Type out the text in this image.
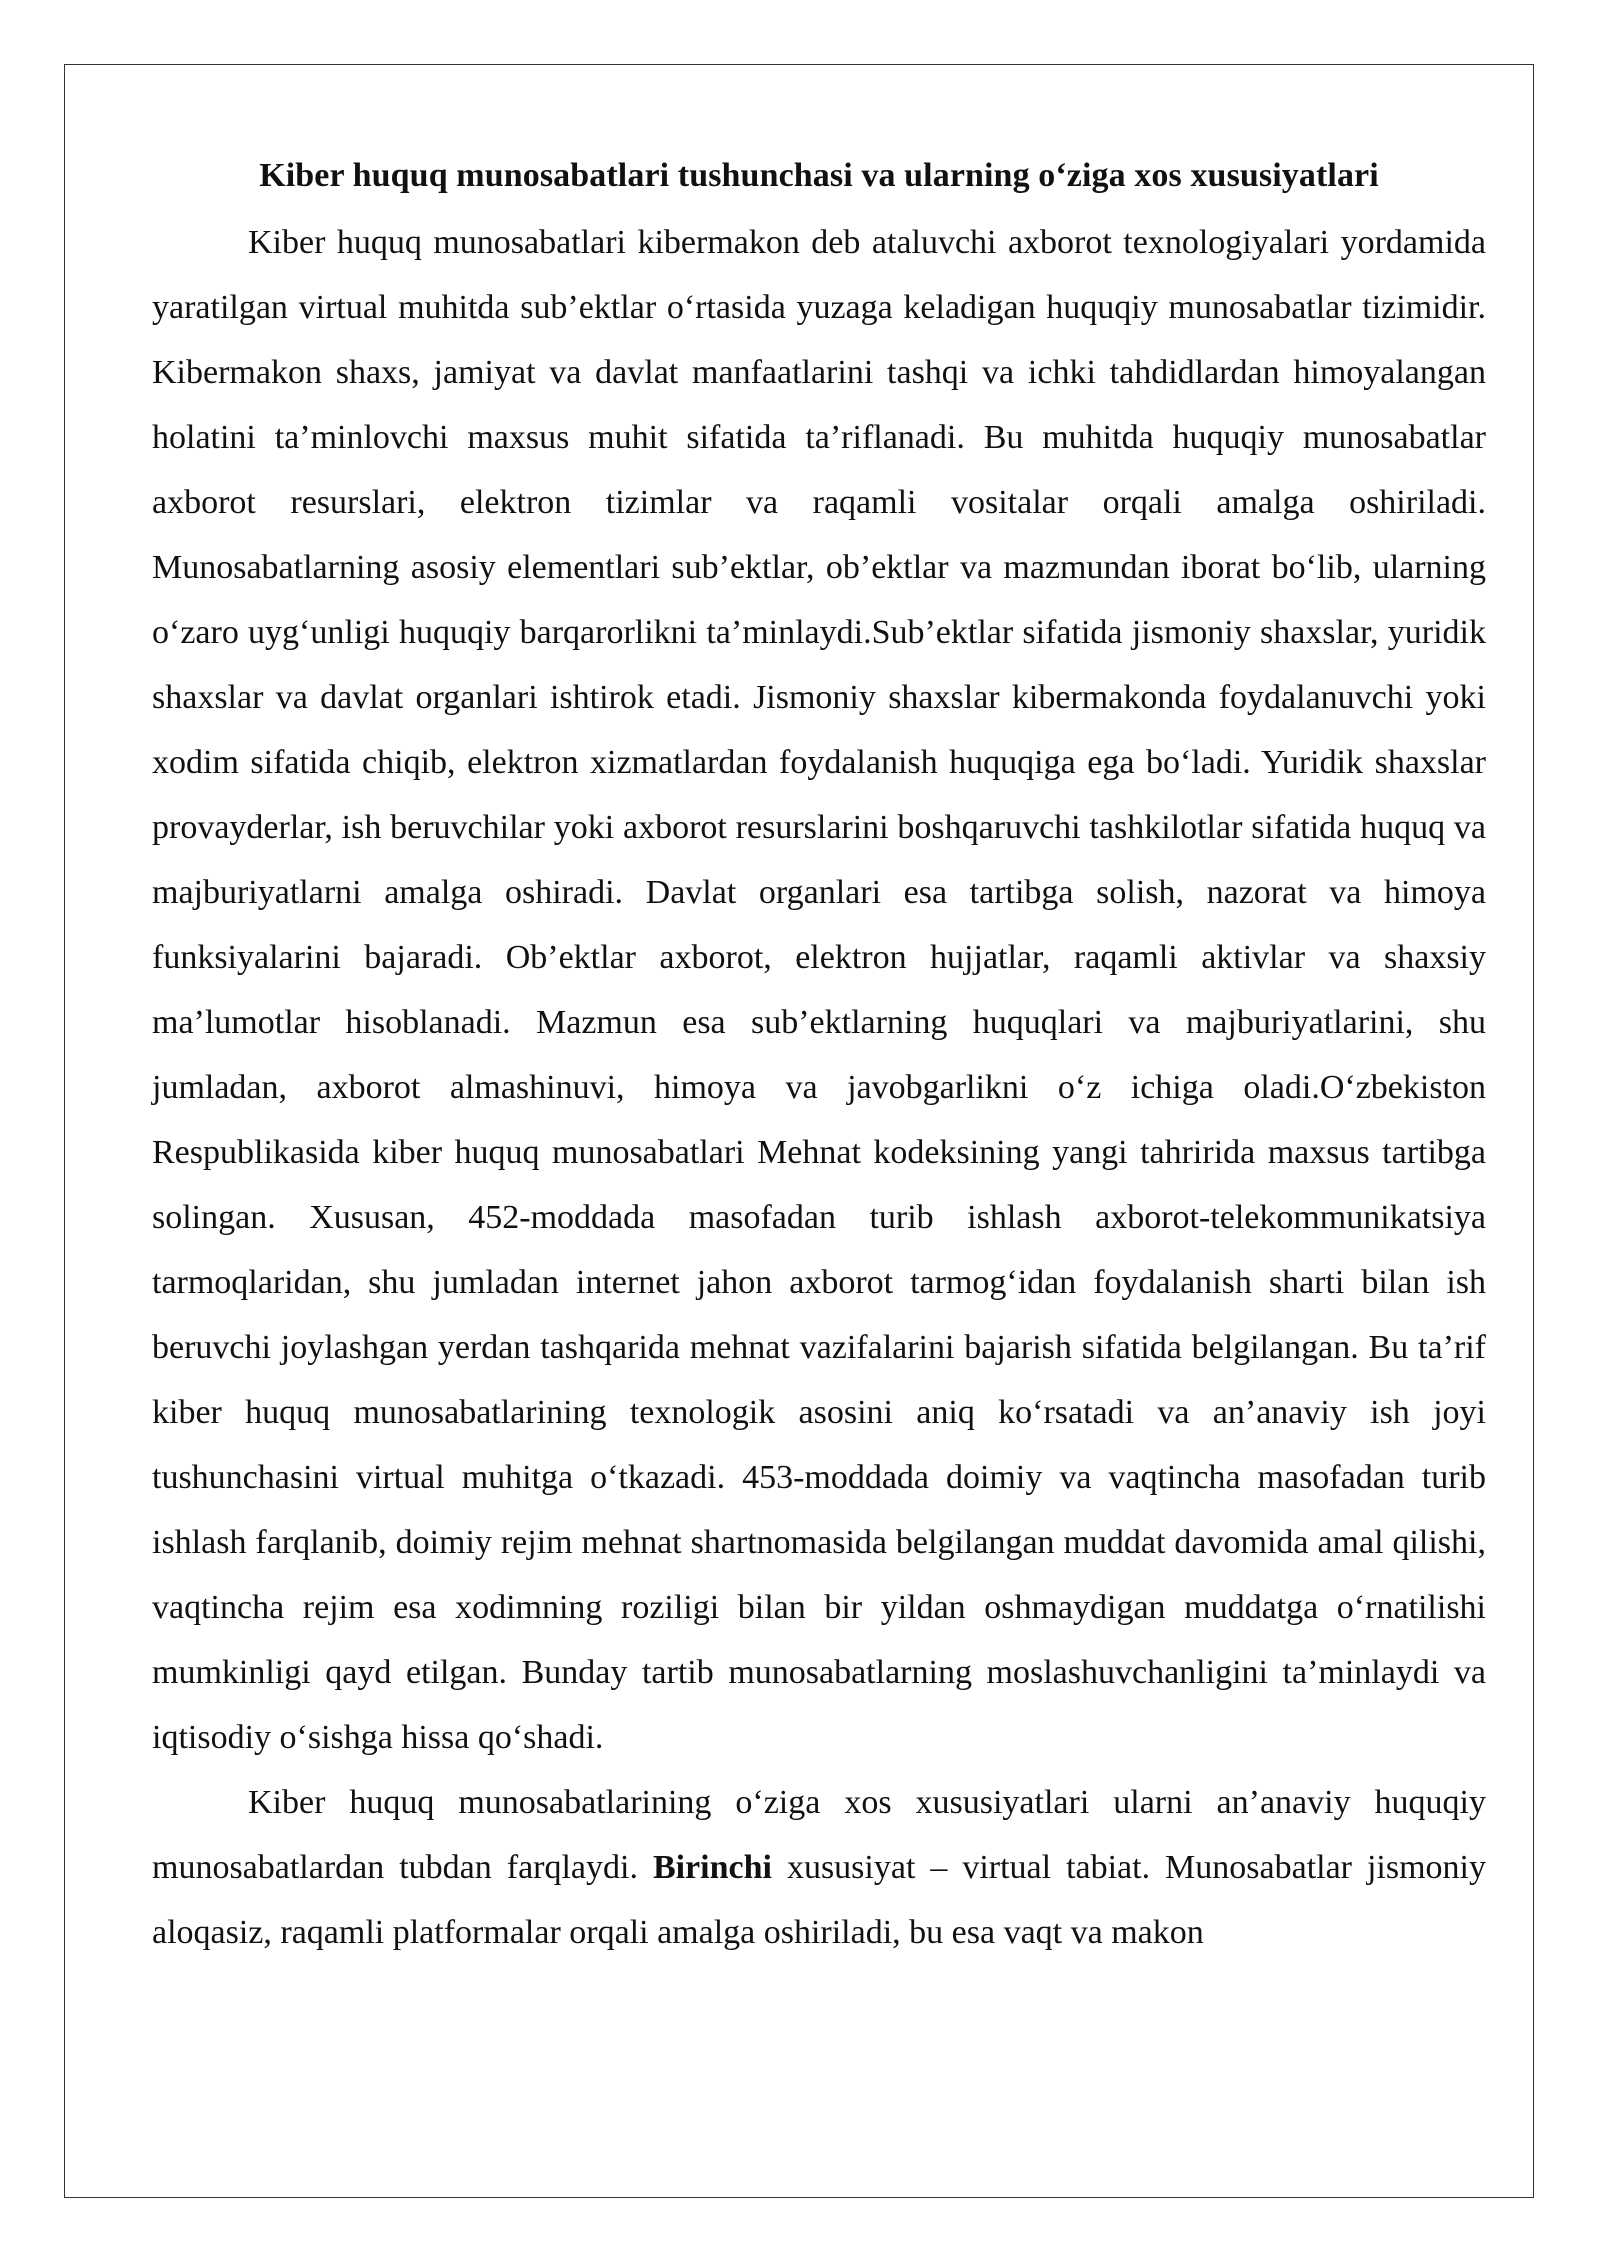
Kiber huquq munosabatlari tushunchasi va ularning o‘ziga xos xususiyatlari

Kiber huquq munosabatlari kibermakon deb ataluvchi axborot texnologiyalari yordamida yaratilgan virtual muhitda sub’ektlar o‘rtasida yuzaga keladigan huquqiy munosabatlar tizimidir. Kibermakon shaxs, jamiyat va davlat manfaatlarini tashqi va ichki tahdidlardan himoyalangan holatini ta’minlovchi maxsus muhit sifatida ta’riflanadi. Bu muhitda huquqiy munosabatlar axborot resurslari, elektron tizimlar va raqamli vositalar orqali amalga oshiriladi. Munosabatlarning asosiy elementlari sub’ektlar, ob’ektlar va mazmundan iborat bo‘lib, ularning o‘zaro uyg‘unligi huquqiy barqarorlikni ta’minlaydi.Sub’ektlar sifatida jismoniy shaxslar, yuridik shaxslar va davlat organlari ishtirok etadi. Jismoniy shaxslar kibermakonda foydalanuvchi yoki xodim sifatida chiqib, elektron xizmatlardan foydalanish huquqiga ega bo‘ladi. Yuridik shaxslar provayderlar, ish beruvchilar yoki axborot resurslarini boshqaruvchi tashkilotlar sifatida huquq va majburiyatlarni amalga oshiradi. Davlat organlari esa tartibga solish, nazorat va himoya funksiyalarini bajaradi. Ob’ektlar axborot, elektron hujjatlar, raqamli aktivlar va shaxsiy ma’lumotlar hisoblanadi. Mazmun esa sub’ektlarning huquqlari va majburiyatlarini, shu jumladan, axborot almashinuvi, himoya va javobgarlikni o‘z ichiga oladi.O‘zbekiston Respublikasida kiber huquq munosabatlari Mehnat kodeksining yangi tahririda maxsus tartibga solingan. Xususan, 452-moddada masofadan turib ishlash axborot-telekommunikatsiya tarmoqlaridan, shu jumladan internet jahon axborot tarmog‘idan foydalanish sharti bilan ish beruvchi joylashgan yerdan tashqarida mehnat vazifalarini bajarish sifatida belgilangan. Bu ta’rif kiber huquq munosabatlarining texnologik asosini aniq ko‘rsatadi va an’anaviy ish joyi tushunchasini virtual muhitga o‘tkazadi. 453-moddada doimiy va vaqtincha masofadan turib ishlash farqlanib, doimiy rejim mehnat shartnomasida belgilangan muddat davomida amal qilishi, vaqtincha rejim esa xodimning roziligi bilan bir yildan oshmaydigan muddatga o‘rnatilishi mumkinligi qayd etilgan. Bunday tartib munosabatlarning moslashuvchanligini ta’minlaydi va iqtisodiy o‘sishga hissa qo‘shadi.

Kiber huquq munosabatlarining o‘ziga xos xususiyatlari ularni an’anaviy huquqiy munosabatlardan tubdan farqlaydi. Birinchi xususiyat – virtual tabiat. Munosabatlar jismoniy aloqasiz, raqamli platformalar orqali amalga oshiriladi, bu esa vaqt va makon
